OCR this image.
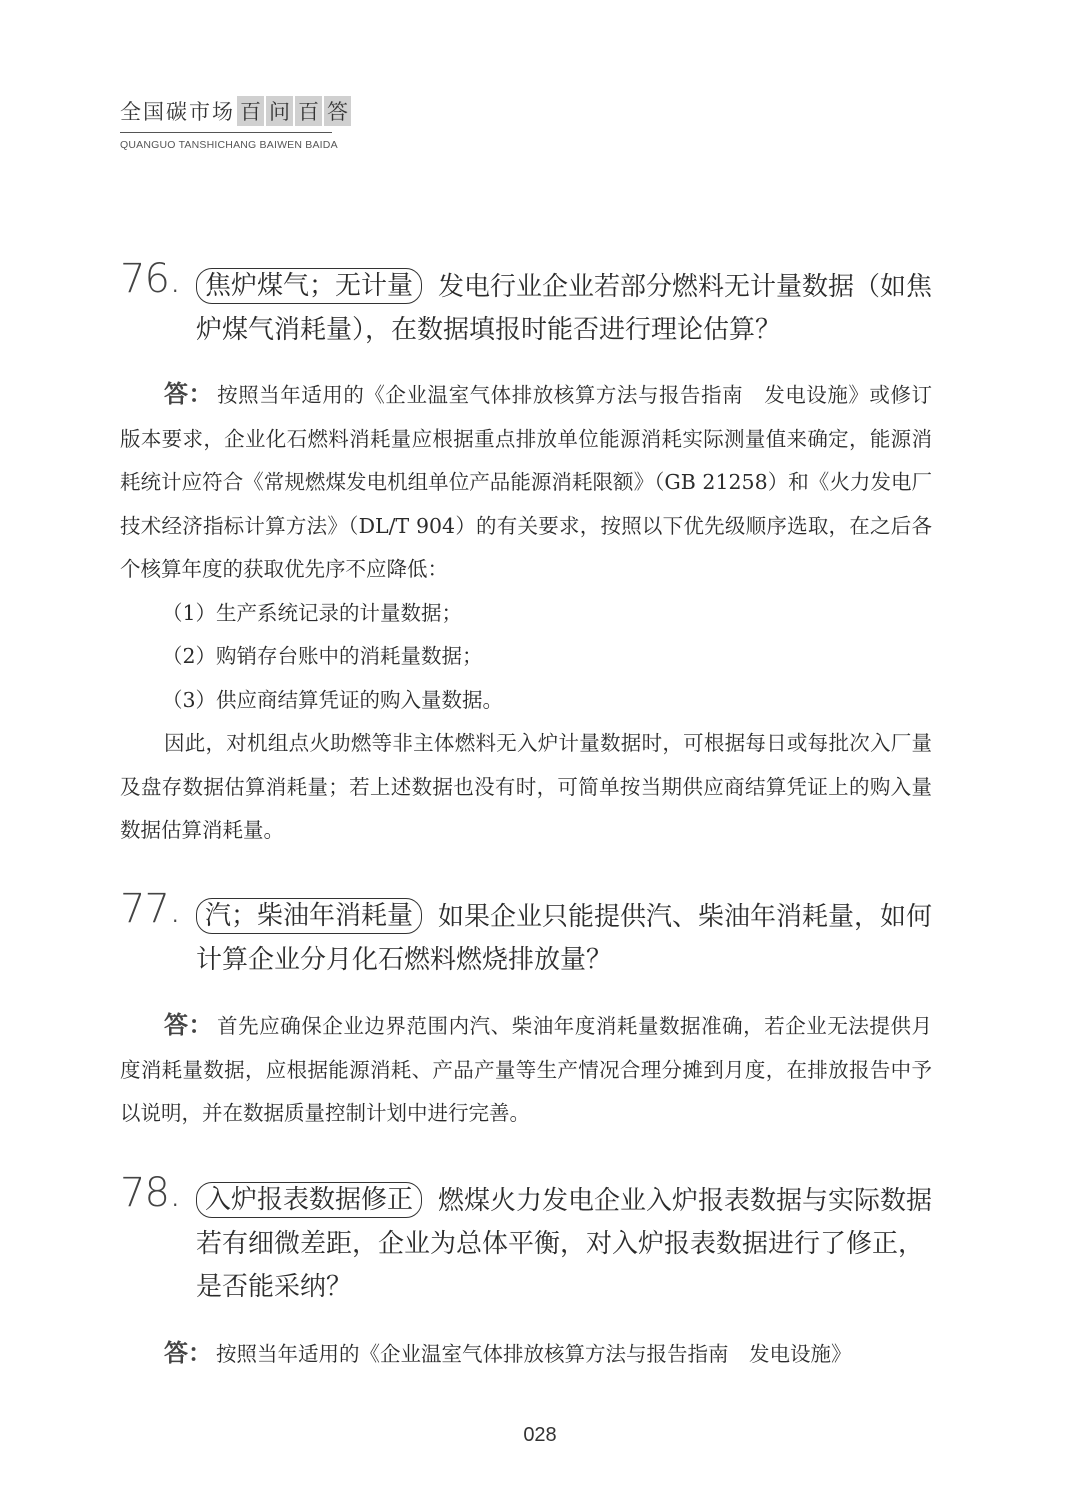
全国碳市场 百 问 百 答
QUANGUO TANSHICHANG BAIWEN BAIDA
76. 焦炉煤气；无计量 发电行业企业若部分燃料无计量数据（如焦炉煤气消耗量），在数据填报时能否进行理论估算？

答： 按照当年适用的《企业温室气体排放核算方法与报告指南　发电设施》或修订版本要求，企业化石燃料消耗量应根据重点排放单位能源消耗实际测量值来确定，能源消耗统计应符合《常规燃煤发电机组单位产品能源消耗限额》（GB 21258）和《火力发电厂技术经济指标计算方法》（DL/T 904）的有关要求，按照以下优先级顺序选取，在之后各个核算年度的获取优先序不应降低：

（1）生产系统记录的计量数据；

（2）购销存台账中的消耗量数据；

（3）供应商结算凭证的购入量数据。

因此，对机组点火助燃等非主体燃料无入炉计量数据时，可根据每日或每批次入厂量及盘存数据估算消耗量；若上述数据也没有时，可简单按当期供应商结算凭证上的购入量数据估算消耗量。

77. 汽；柴油年消耗量 如果企业只能提供汽、柴油年消耗量，如何计算企业分月化石燃料燃烧排放量？

答： 首先应确保企业边界范围内汽、柴油年度消耗量数据准确，若企业无法提供月度消耗量数据，应根据能源消耗、产品产量等生产情况合理分摊到月度，在排放报告中予以说明，并在数据质量控制计划中进行完善。

78. 入炉报表数据修正 燃煤火力发电企业入炉报表数据与实际数据若有细微差距，企业为总体平衡，对入炉报表数据进行了修正，是否能采纳？

答： 按照当年适用的《企业温室气体排放核算方法与报告指南　发电设施》

028
